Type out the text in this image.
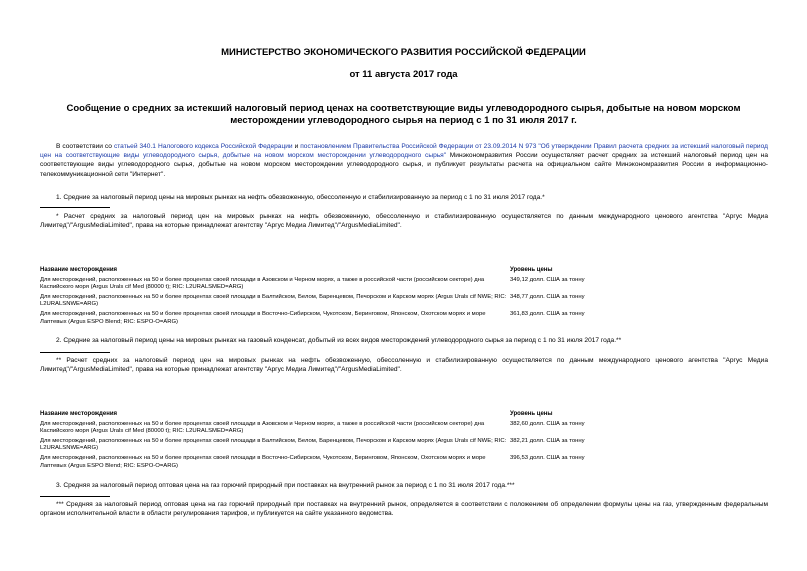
МИНИСТЕРСТВО ЭКОНОМИЧЕСКОГО РАЗВИТИЯ РОССИЙСКОЙ ФЕДЕРАЦИИ
от 11 августа 2017 года
Сообщение о средних за истекший налоговый период ценах на соответствующие виды углеводородного сырья, добытые на новом морском месторождении углеводородного сырья на период с 1 по 31 июля 2017 г.
В соответствии со статьей 340.1 Налогового кодекса Российской Федерации и постановлением Правительства Российской Федерации от 23.09.2014 N 973 "Об утверждении Правил расчета средних за истекший налоговый период цен на соответствующие виды углеводородного сырья, добытые на новом морском месторождении углеводородного сырья" Минэкономразвития России осуществляет расчет средних за истекший налоговый период цен на соответствующие виды углеводородного сырья, добытые на новом морском месторождении углеводородного сырья, и публикует результаты расчета на официальном сайте Минэкономразвития России в информационно-телекоммуникационной сети "Интернет".
1. Средние за налоговый период цены на мировых рынках на нефть обезвоженную, обессоленную и стабилизированную за период с 1 по 31 июля 2017 года.*
* Расчет средних за налоговый период цен на мировых рынках на нефть обезвоженную, обессоленную и стабилизированную осуществляется по данным международного ценового агентства "Аргус Медиа Лимитед"/"ArgusMediaLimited", права на которые принадлежат агентству "Аргус Медиа Лимитед"/"ArgusMediaLimited".
Название месторождения	Уровень цены
Для месторождений, расположенных на 50 и более процентах своей площади в Азовском и Черном морях, а также в российской части (российском секторе) дна Каспийского моря (Argus Urals cif Med (80000 t); RIC: L2URALSMED=ARG)	349,12 долл. США за тонну
Для месторождений, расположенных на 50 и более процентах своей площади в Балтийском, Белом, Баренцевом, Печорском и Карском морях (Argus Urals cif NWE; RIC: L2URALSNWE=ARG)	348,77 долл. США за тонну
Для месторождений, расположенных на 50 и более процентах своей площади в Восточно-Сибирском, Чукотском, Беринговом, Японском, Охотском морях и море Лаптевых (Argus ESPO Blend; RIC: ESPO-O=ARG)	361,83 долл. США за тонну
2. Средние за налоговый период цены на мировых рынках на газовый конденсат, добытый из всех видов месторождений углеводородного сырья за период с 1 по 31 июля 2017 года.**
** Расчет средних за налоговый период цен на мировых рынках на нефть обезвоженную, обессоленную и стабилизированную осуществляется по данным международного ценового агентства "Аргус Медиа Лимитед"/"ArgusMediaLimited", права на которые принадлежат агентству "Аргус Медиа Лимитед"/"ArgusMediaLimited".
Название месторождения	Уровень цены
Для месторождений, расположенных на 50 и более процентах своей площади в Азовском и Черном морях, а также в российской части (российском секторе) дна Каспийского моря (Argus Urals cif Med (80000 t); RIC: L2URALSMED=ARG)	382,60 долл. США за тонну
Для месторождений, расположенных на 50 и более процентах своей площади в Балтийском, Белом, Баренцевом, Печорском и Карском морях (Argus Urals cif NWE; RIC: L2URALSNWE=ARG)	382,21 долл. США за тонну
Для месторождений, расположенных на 50 и более процентах своей площади в Восточно-Сибирском, Чукотском, Беринговом, Японском, Охотском морях и море Лаптевых (Argus ESPO Blend; RIC: ESPO-O=ARG)	396,53 долл. США за тонну
3. Средняя за налоговый период оптовая цена на газ горючий природный при поставках на внутренний рынок за период с 1 по 31 июля 2017 года.***
*** Средняя за налоговый период оптовая цена на газ горючий природный при поставках на внутренний рынок, определяется в соответствии с положением об определении формулы цены на газ, утвержденным федеральным органом исполнительной власти в области регулирования тарифов, и публикуется на сайте указанного ведомства.
